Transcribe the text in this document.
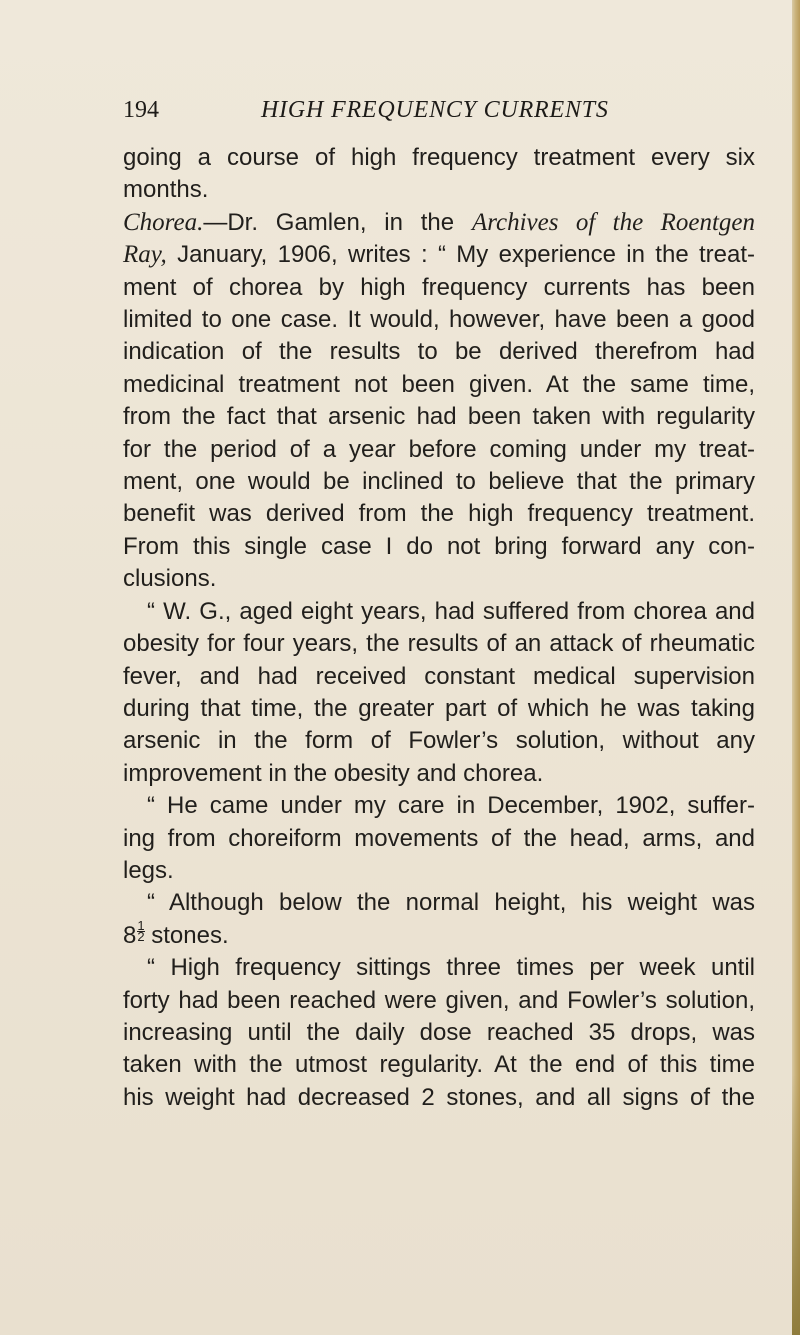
194	HIGH FREQUENCY CURRENTS
going a course of high frequency treatment every six
months.
Chorea.—Dr. Gamlen, in the Archives of the Roentgen
Ray, January, 1906, writes : “ My experience in the treat-
ment of chorea by high frequency currents has been
limited to one case. It would, however, have been a good
indication of the results to be derived therefrom had
medicinal treatment not been given. At the same time,
from the fact that arsenic had been taken with regularity
for the period of a year before coming under my treat-
ment, one would be inclined to believe that the primary
benefit was derived from the high frequency treatment.
From this single case I do not bring forward any con-
clusions.
“ W. G., aged eight years, had suffered from chorea and
obesity for four years, the results of an attack of rheumatic
fever, and had received constant medical supervision
during that time, the greater part of which he was taking
arsenic in the form of Fowler’s solution, without any
improvement in the obesity and chorea.
“ He came under my care in December, 1902, suffer-
ing from choreiform movements of the head, arms, and
legs.
“ Although below the normal height, his weight was
$8 \frac{1}{2}$ stones.
“ High frequency sittings three times per week until
forty had been reached were given, and Fowler’s solution,
increasing until the daily dose reached 35 drops, was
taken with the utmost regularity. At the end of this time
his weight had decreased 2 stones, and all signs of the
